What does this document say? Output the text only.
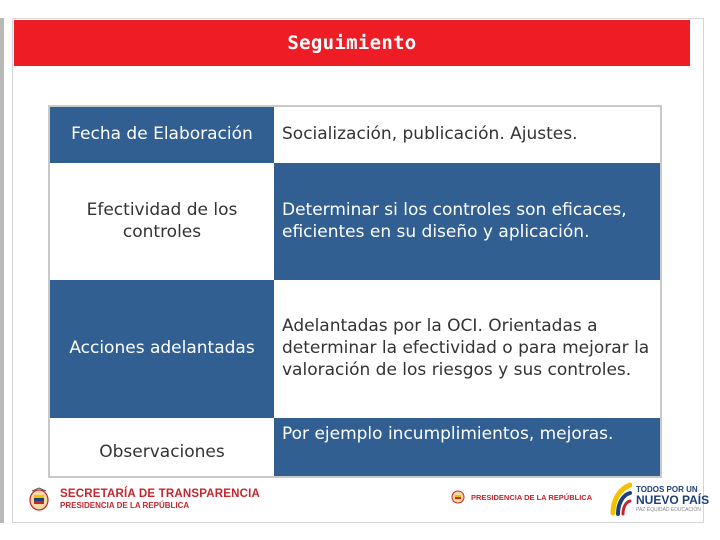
Seguimiento
Fecha de Elaboración Socialización, publicación. Ajustes.
Efectividad de los controles
Determinar si los controles son eficaces, eficientes en su diseño y aplicación.
Acciones adelantadas
Adelantadas por la OCI. Orientadas a determinar la efectividad o para mejorar la valoración de los riesgos y sus controles.
Observaciones
Por ejemplo incumplimientos, mejoras.
SECRETARÍA DE TRANSPARENCIA
PRESIDENCIA DE LA REPÚBLICA
PRESIDENCIA DE LA REPÚBLICA
TODOS POR UN
NUEVO PAÍS
PAZ EQUIDAD EDUCACIÓN
